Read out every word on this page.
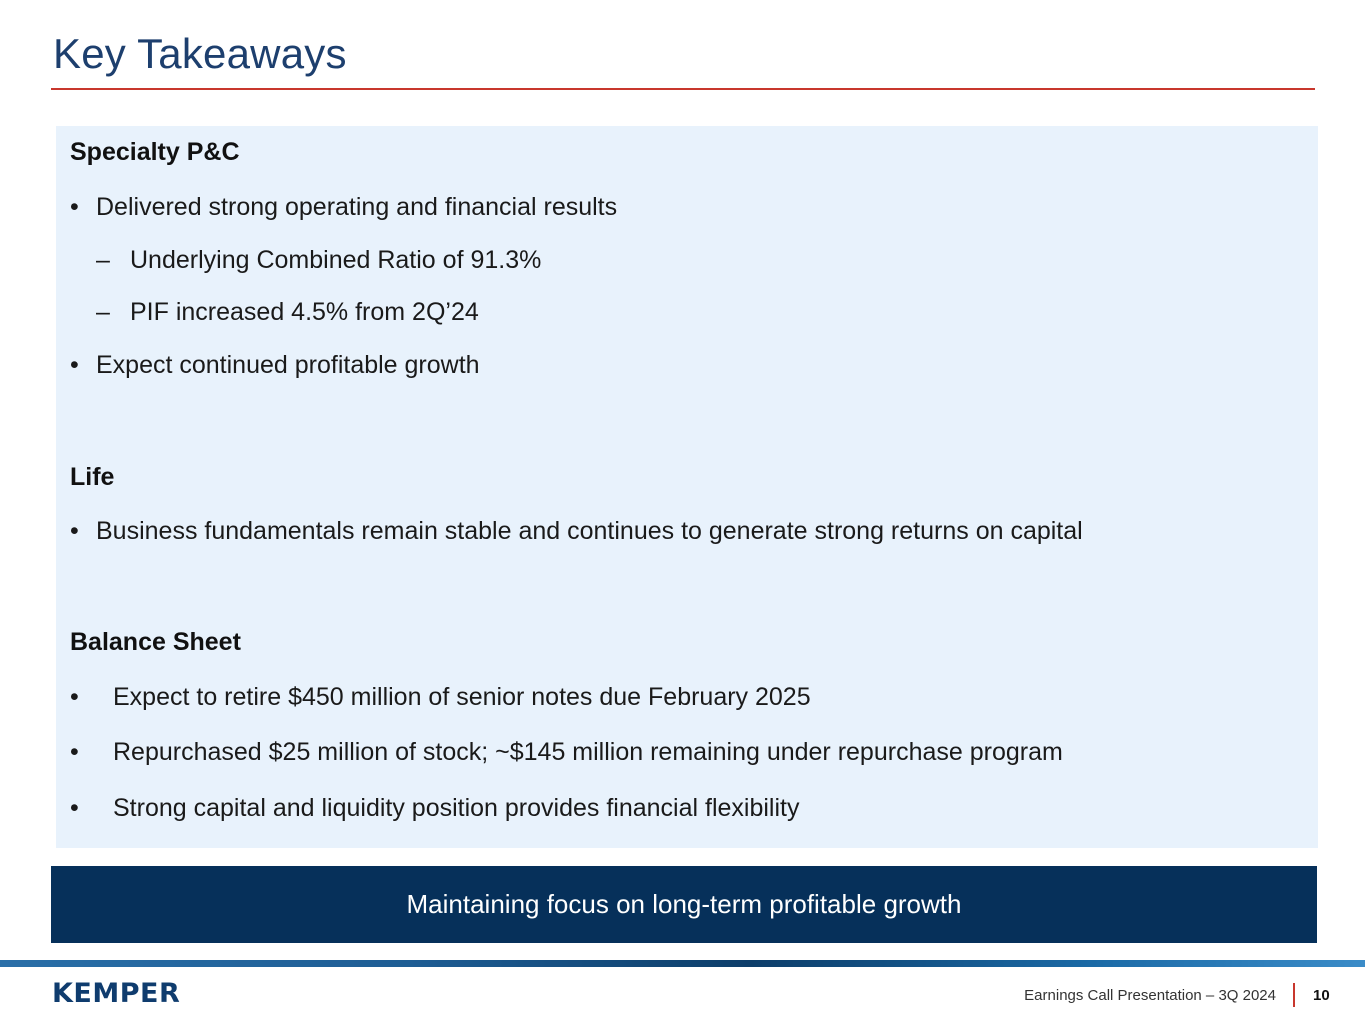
Key Takeaways
Specialty P&C
• Delivered strong operating and financial results
– Underlying Combined Ratio of 91.3%
– PIF increased 4.5% from 2Q’24
• Expect continued profitable growth
Life
• Business fundamentals remain stable and continues to generate strong returns on capital
Balance Sheet
• Expect to retire $450 million of senior notes due February 2025
• Repurchased $25 million of stock; ~$145 million remaining under repurchase program
• Strong capital and liquidity position provides financial flexibility
Maintaining focus on long-term profitable growth
KEMPER	Earnings Call Presentation – 3Q 2024 10
